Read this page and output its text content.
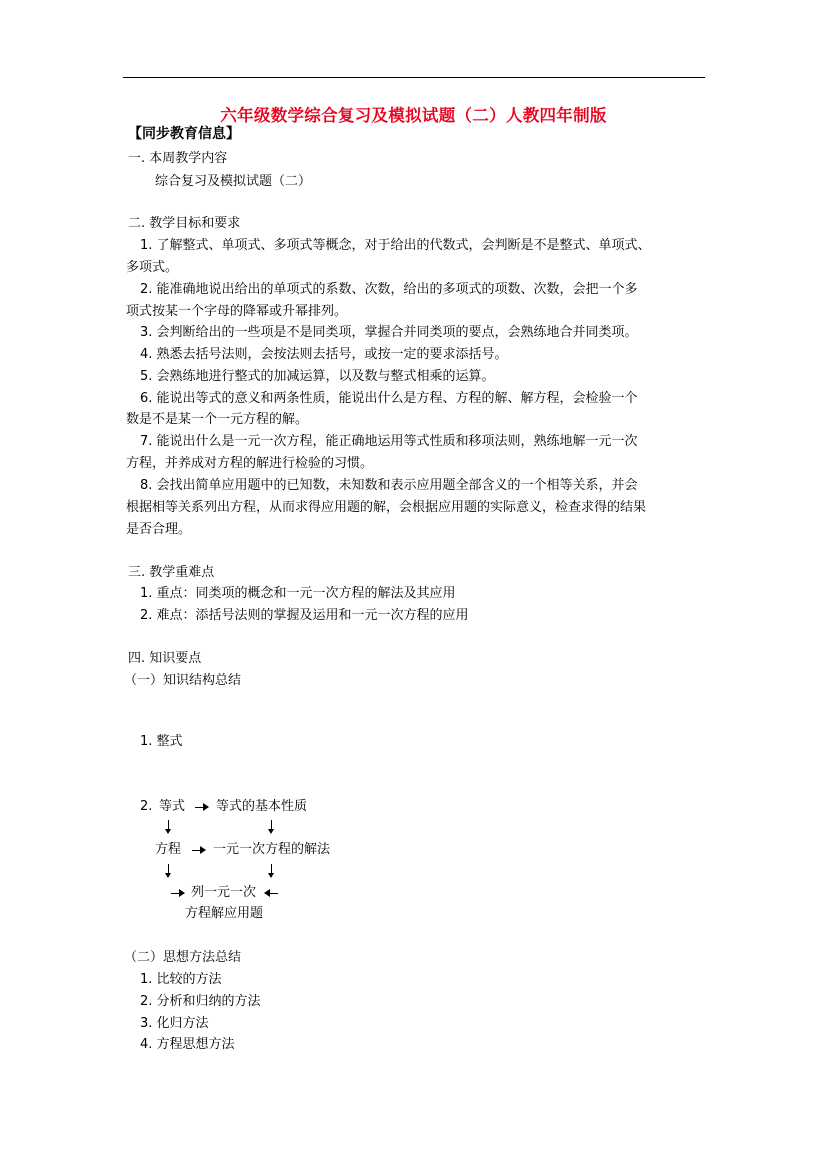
六年级数学综合复习及模拟试题（二）人教四年制版
【同步教育信息】
一. 本周教学内容
综合复习及模拟试题（二）
二. 教学目标和要求
1. 了解整式、单项式、多项式等概念，对于给出的代数式，会判断是不是整式、单项式、
多项式。
2. 能准确地说出给出的单项式的系数、次数，给出的多项式的项数、次数，会把一个多
项式按某一个字母的降幂或升幂排列。
3. 会判断给出的一些项是不是同类项，掌握合并同类项的要点，会熟练地合并同类项。
4. 熟悉去括号法则，会按法则去括号，或按一定的要求添括号。
5. 会熟练地进行整式的加减运算，以及数与整式相乘的运算。
6. 能说出等式的意义和两条性质，能说出什么是方程、方程的解、解方程，会检验一个
数是不是某一个一元方程的解。
7. 能说出什么是一元一次方程，能正确地运用等式性质和移项法则，熟练地解一元一次
方程，并养成对方程的解进行检验的习惯。
8. 会找出简单应用题中的已知数，未知数和表示应用题全部含义的一个相等关系，并会
根据相等关系列出方程，从而求得应用题的解，会根据应用题的实际意义，检查求得的结果
是否合理。
三. 教学重难点
1. 重点：同类项的概念和一元一次方程的解法及其应用
2. 难点：添括号法则的掌握及运用和一元一次方程的应用
四. 知识要点
（一）知识结构总结
1. 整式
2. 等式 等式的基本性质
方程 一元一次方程的解法
列一元一次
方程解应用题
（二）思想方法总结
1. 比较的方法
2. 分析和归纳的方法
3. 化归方法
4. 方程思想方法
